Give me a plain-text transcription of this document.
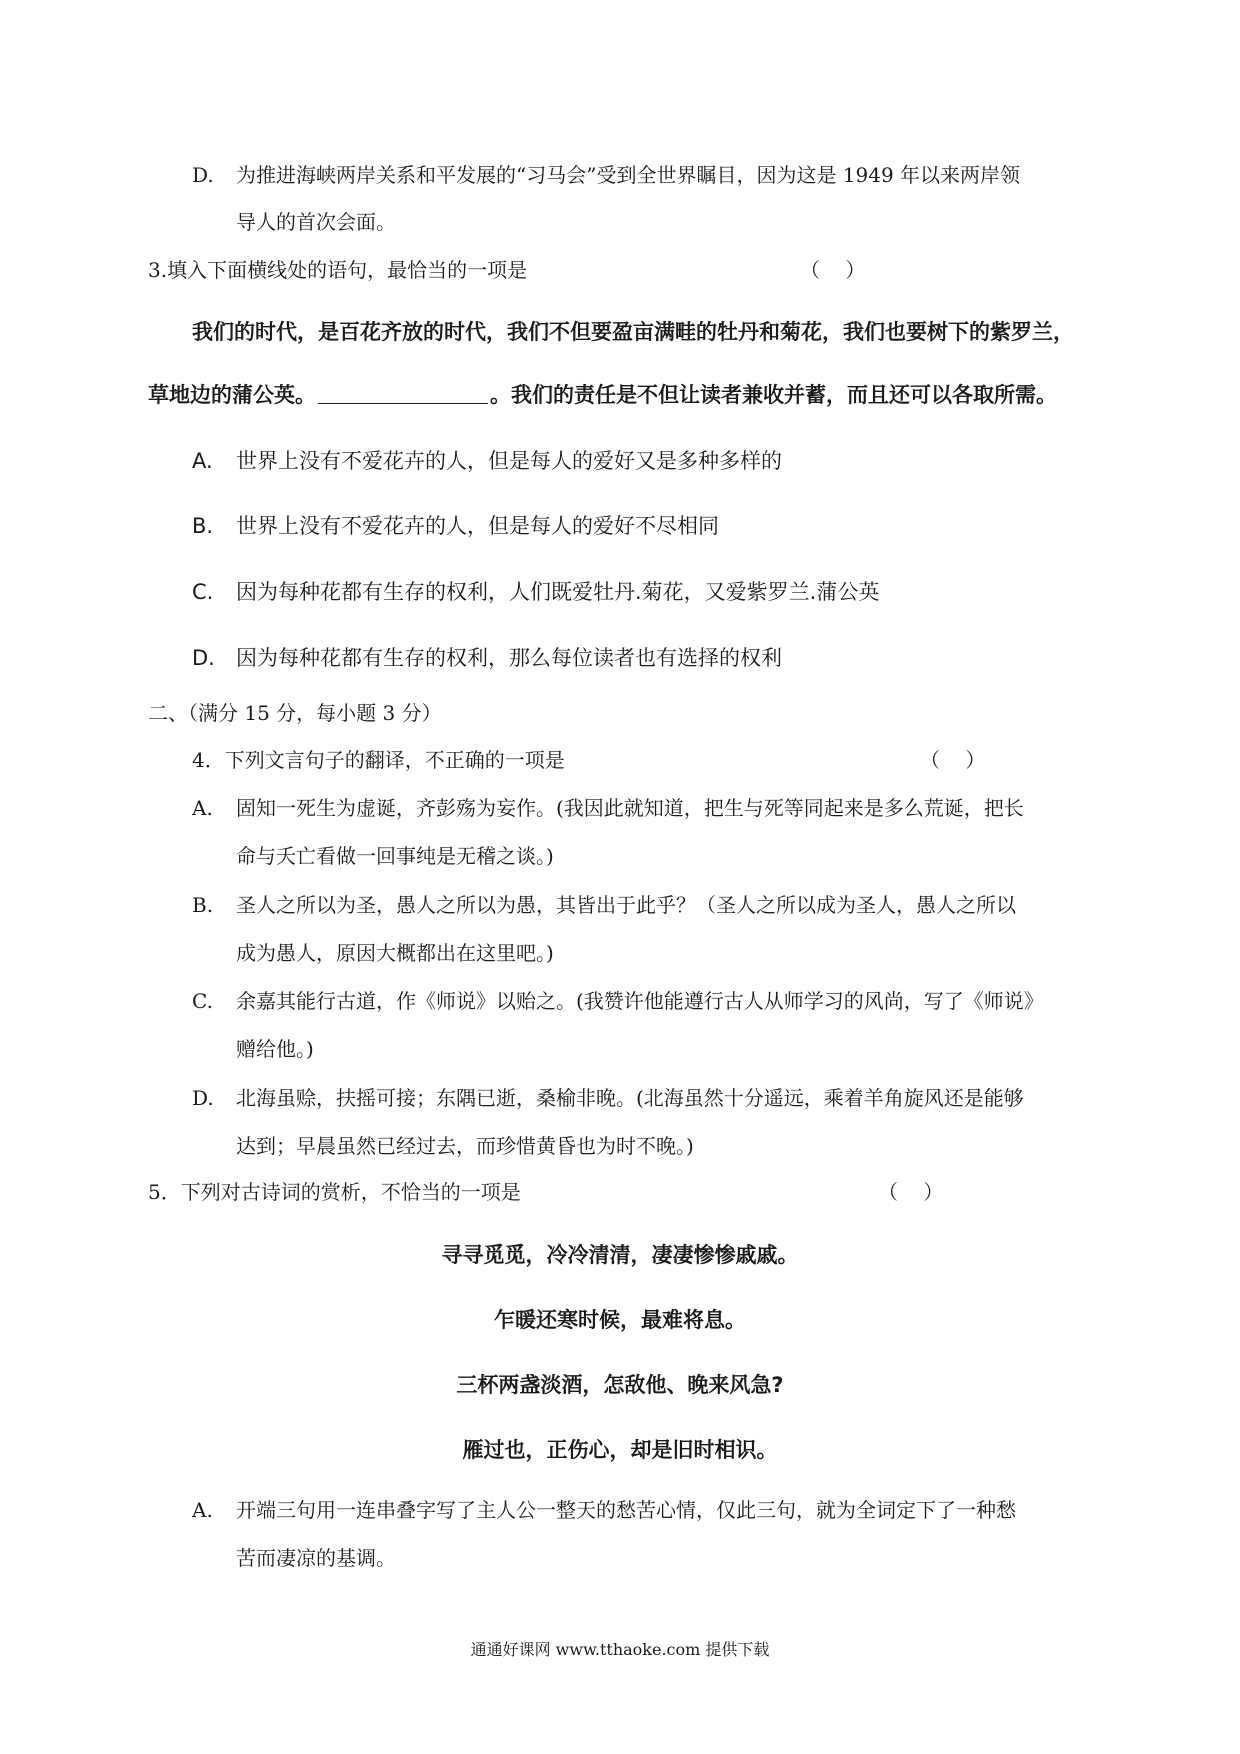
D. 为推进海峡两岸关系和平发展的“习马会”受到全世界瞩目，因为这是 1949 年以来两岸领
导人的首次会面。
3.填入下面横线处的语句，最恰当的一项是	（    ）
我们的时代，是百花齐放的时代，我们不但要盈亩满畦的牡丹和菊花，我们也要树下的紫罗兰，
草地边的蒲公英。	。我们的责任是不但让读者兼收并蓄，而且还可以各取所需。
A. 世界上没有不爱花卉的人，但是每人的爱好又是多种多样的
B. 世界上没有不爱花卉的人，但是每人的爱好不尽相同
C. 因为每种花都有生存的权利，人们既爱牡丹.菊花，又爱紫罗兰.蒲公英
D. 因为每种花都有生存的权利，那么每位读者也有选择的权利
二、（满分 15 分，每小题 3 分）
4．下列文言句子的翻译，不正确的一项是	（    ）
A. 固知一死生为虚诞，齐彭殇为妄作。(我因此就知道，把生与死等同起来是多么荒诞，把长
命与夭亡看做一回事纯是无稽之谈。)
B. 圣人之所以为圣，愚人之所以为愚，其皆出于此乎？（圣人之所以成为圣人，愚人之所以
成为愚人，原因大概都出在这里吧。)
C. 余嘉其能行古道，作《师说》以贻之。(我赞许他能遵行古人从师学习的风尚，写了《师说》
赠给他。)
D. 北海虽赊，扶摇可接；东隅已逝，桑榆非晚。(北海虽然十分遥远，乘着羊角旋风还是能够
达到；早晨虽然已经过去，而珍惜黄昏也为时不晚。)
5．下列对古诗词的赏析，不恰当的一项是	（    ）
寻寻觅觅，冷冷清清，凄凄惨惨戚戚。
乍暖还寒时候，最难将息。
三杯两盏淡酒，怎敌他、晚来风急?
雁过也，正伤心，却是旧时相识。
A. 开端三句用一连串叠字写了主人公一整天的愁苦心情，仅此三句，就为全词定下了一种愁
苦而凄凉的基调。
通通好课网 www.tthaoke.com 提供下载
